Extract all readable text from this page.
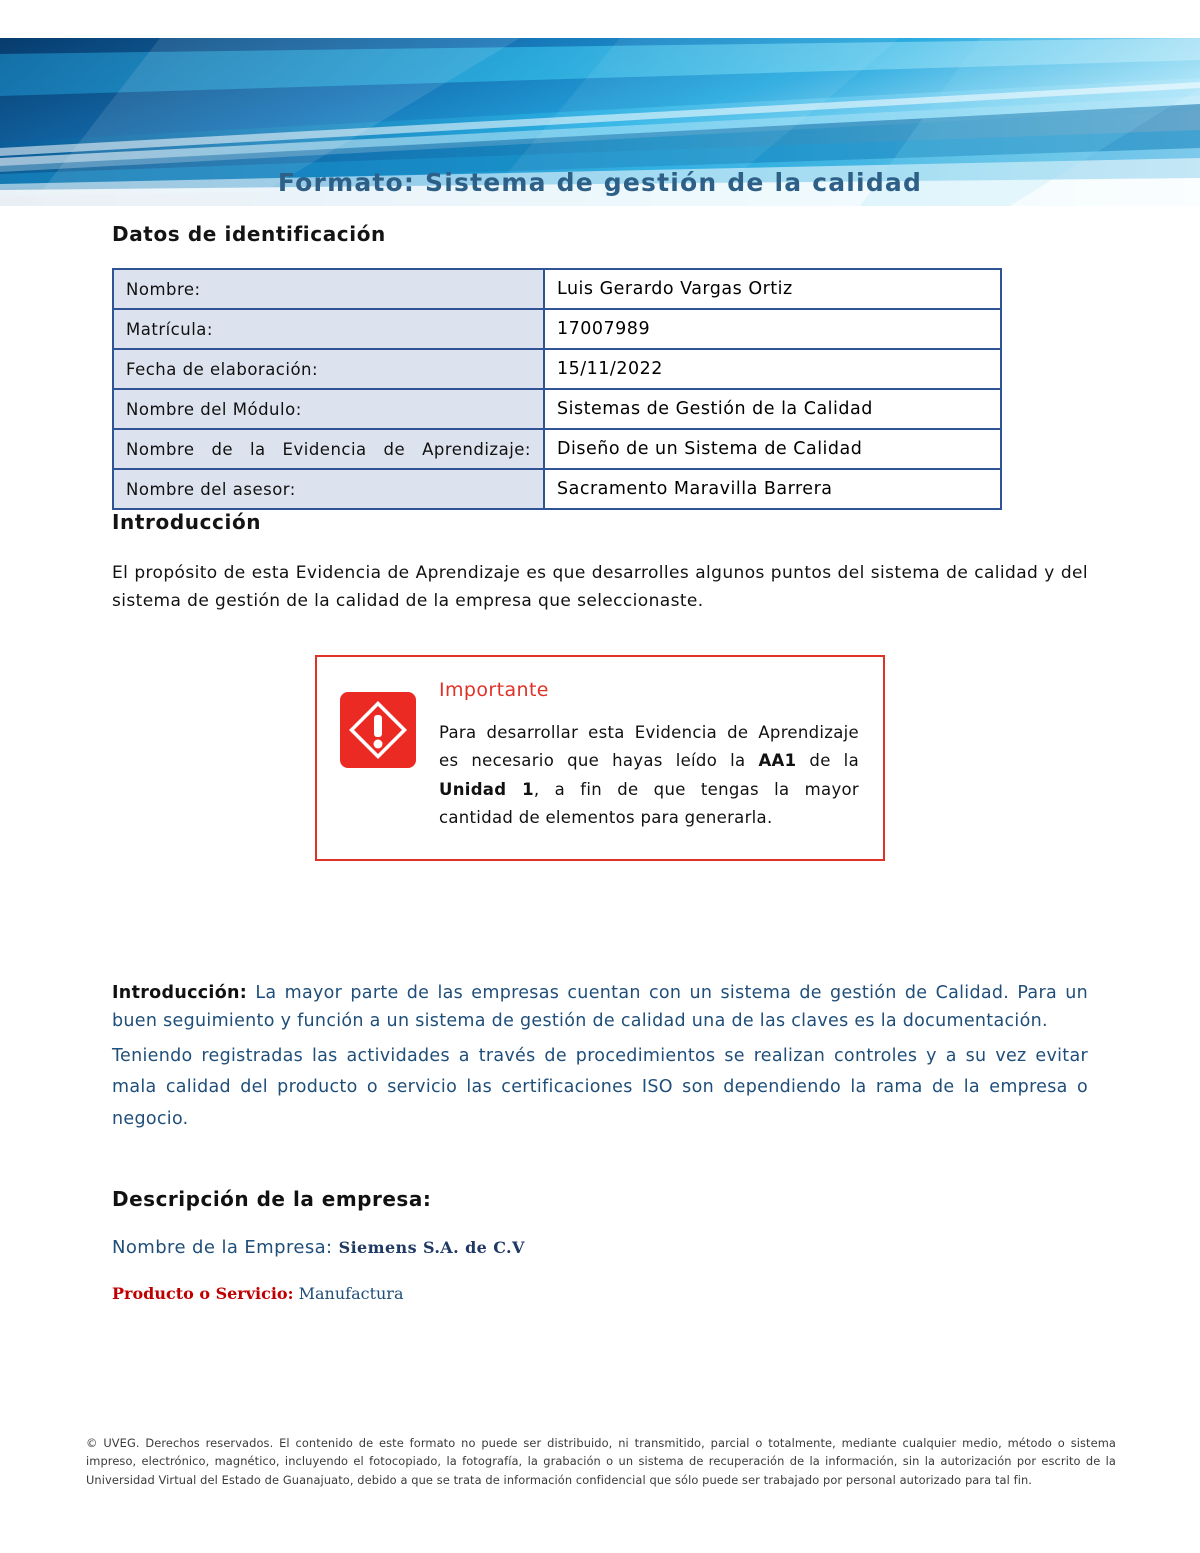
Formato: Sistema de gestión de la calidad
Datos de identificación
Nombre:	Luis Gerardo Vargas Ortiz
Matrícula:	17007989
Fecha de elaboración:	15/11/2022
Nombre del Módulo:	Sistemas de Gestión de la Calidad
Nombre de la Evidencia de Aprendizaje:	Diseño de un Sistema de Calidad
Nombre del asesor:	Sacramento Maravilla Barrera
Introducción

El propósito de esta Evidencia de Aprendizaje es que desarrolles algunos puntos del sistema de calidad y del sistema de gestión de la calidad de la empresa que seleccionaste.

Importante

Para desarrollar esta Evidencia de Aprendizaje es necesario que hayas leído la AA1 de la Unidad 1, a fin de que tengas la mayor cantidad de elementos para generarla.

Introducción: La mayor parte de las empresas cuentan con un sistema de gestión de Calidad. Para un buen seguimiento y función a un sistema de gestión de calidad una de las claves es la documentación.

Teniendo registradas las actividades a través de procedimientos se realizan controles y a su vez evitar mala calidad del producto o servicio las certificaciones ISO son dependiendo la rama de la empresa o negocio.

Descripción de la empresa:
Nombre de la Empresa: Siemens S.A. de C.V
Producto o Servicio: Manufactura
© UVEG. Derechos reservados. El contenido de este formato no puede ser distribuido, ni transmitido, parcial o totalmente, mediante cualquier medio, método o sistema impreso, electrónico, magnético, incluyendo el fotocopiado, la fotografía, la grabación o un sistema de recuperación de la información, sin la autorización por escrito de la Universidad Virtual del Estado de Guanajuato, debido a que se trata de información confidencial que sólo puede ser trabajado por personal autorizado para tal fin.
